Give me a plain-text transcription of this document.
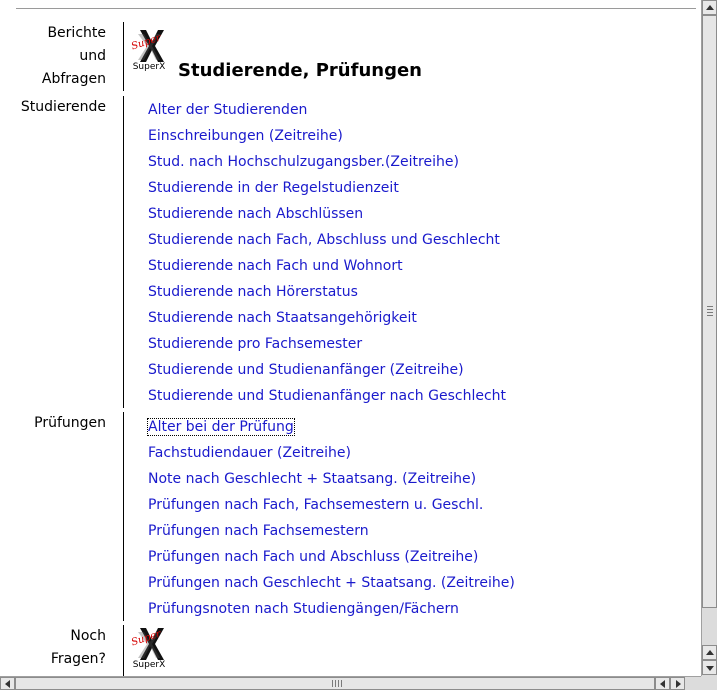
Berichte
und
Abfragen
Super
SuperX Studierende, Prüfungen
Studierende	Alter der Studierenden
Einschreibungen (Zeitreihe)
Stud. nach Hochschulzugangsber.(Zeitreihe)
Studierende in der Regelstudienzeit
Studierende nach Abschlüssen
Studierende nach Fach, Abschluss und Geschlecht
Studierende nach Fach und Wohnort
Studierende nach Hörerstatus
Studierende nach Staatsangehörigkeit
Studierende pro Fachsemester
Studierende und Studienanfänger (Zeitreihe)
Studierende und Studienanfänger nach Geschlecht
Prüfungen	Alter bei der Prüfung
Fachstudiendauer (Zeitreihe)
Note nach Geschlecht + Staatsang. (Zeitreihe)
Prüfungen nach Fach, Fachsemestern u. Geschl.
Prüfungen nach Fachsemestern
Prüfungen nach Fach und Abschluss (Zeitreihe)
Prüfungen nach Geschlecht + Staatsang. (Zeitreihe)
Prüfungsnoten nach Studiengängen/Fächern
Noch
Fragen?
Super
SuperX
